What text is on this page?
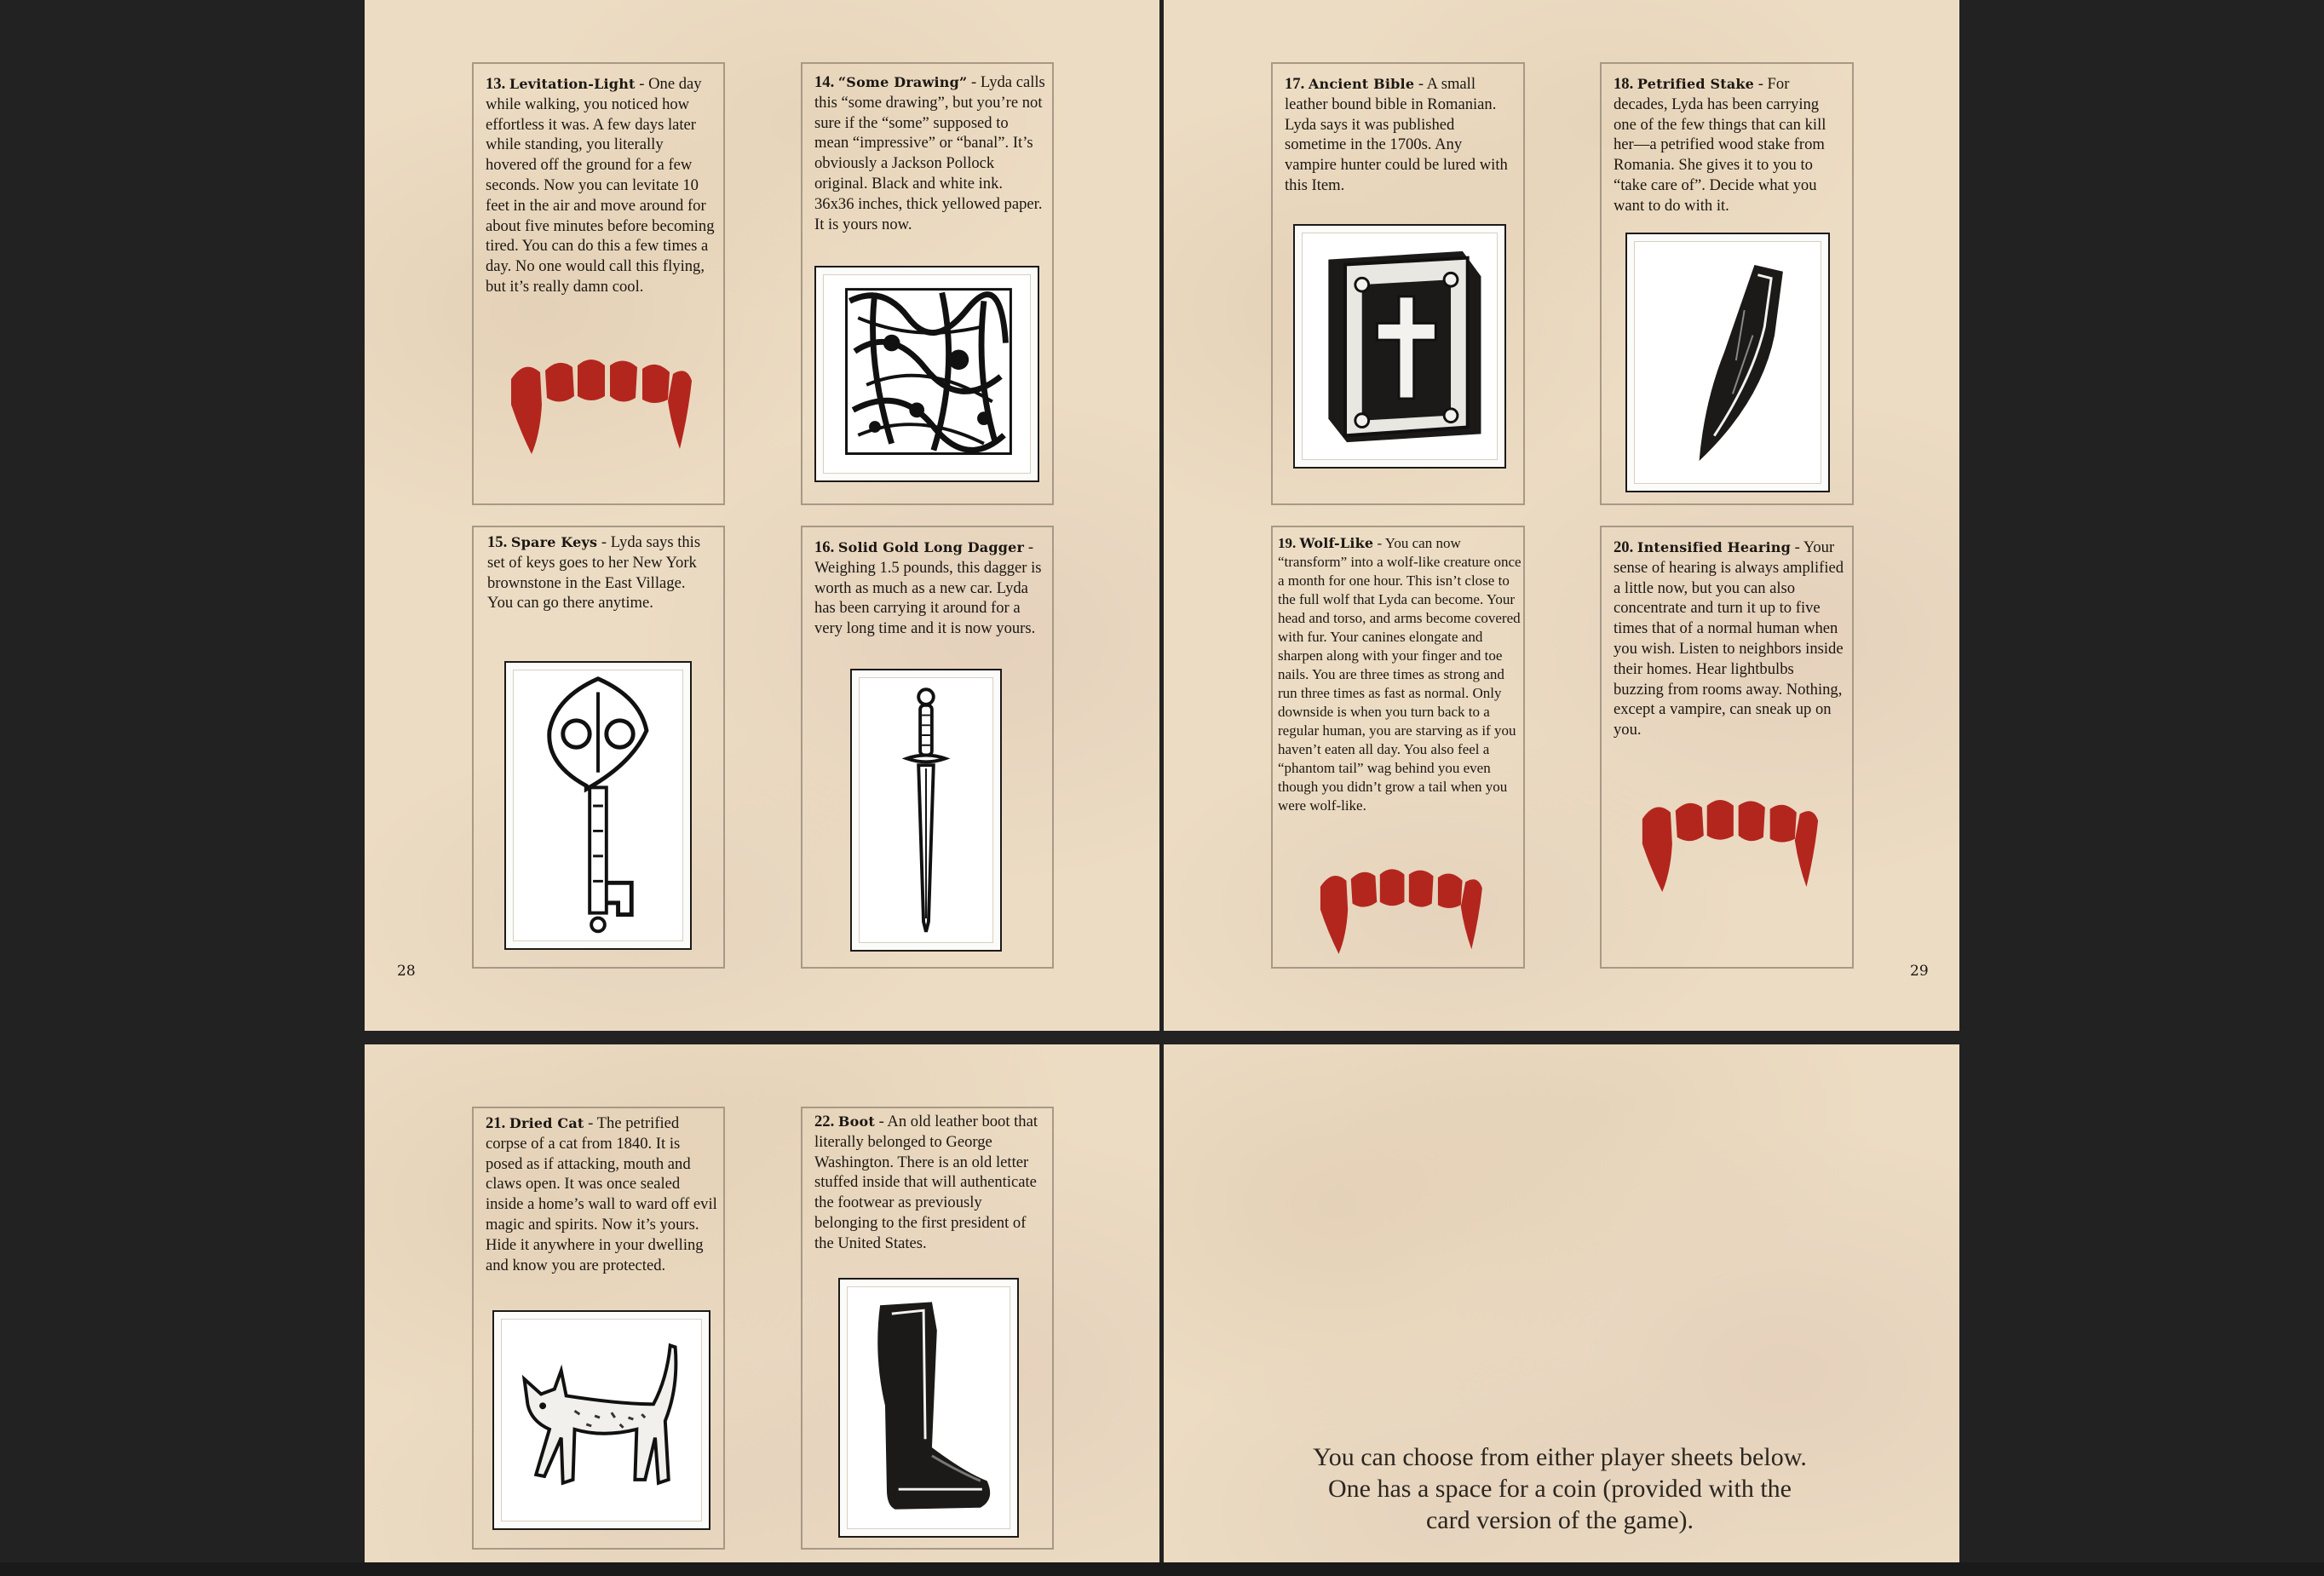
13. Levitation-Light - One day while walking, you noticed how effortless it was. A few days later while standing, you literally hovered off the ground for a few seconds. Now you can levitate 10 feet in the air and move around for about five minutes before becoming tired. You can do this a few times a day. No one would call this flying, but it’s really damn cool.
14. “Some Drawing” - Lyda calls this “some drawing”, but you’re not sure if the “some” supposed to mean “impressive” or “banal”. It’s obviously a Jackson Pollock original. Black and white ink. 36x36 inches, thick yellowed paper. It is yours now.
15. Spare Keys - Lyda says this set of keys goes to her New York brownstone in the East Village. You can go there anytime.
16. Solid Gold Long Dagger - Weighing 1.5 pounds, this dagger is worth as much as a new car. Lyda has been carrying it around for a very long time and it is now yours.
28
17. Ancient Bible - A small leather bound bible in Romanian. Lyda says it was published sometime in the 1700s. Any vampire hunter could be lured with this Item.
18. Petrified Stake - For decades, Lyda has been carrying one of the few things that can kill her—a petrified wood stake from Romania. She gives it to you to “take care of”. Decide what you want to do with it.
19. Wolf-Like - You can now “transform” into a wolf-like creature once a month for one hour. This isn’t close to the full wolf that Lyda can become. Your head and torso, and arms become covered with fur. Your canines elongate and sharpen along with your finger and toe nails. You are three times as strong and run three times as fast as normal. Only downside is when you turn back to a regular human, you are starving as if you haven’t eaten all day. You also feel a “phantom tail” wag behind you even though you didn’t grow a tail when you were wolf-like.
20. Intensified Hearing - Your sense of hearing is always amplified a little now, but you can also concentrate and turn it up to five times that of a normal human when you wish. Listen to neighbors inside their homes. Hear lightbulbs buzzing from rooms away. Nothing, except a vampire, can sneak up on you.
29
21. Dried Cat - The petrified corpse of a cat from 1840. It is posed as if attacking, mouth and claws open. It was once sealed inside a home’s wall to ward off evil magic and spirits. Now it’s yours. Hide it anywhere in your dwelling and know you are protected.
22. Boot - An old leather boot that literally belonged to George Washington. There is an old letter stuffed inside that will authenticate the footwear as previously belonging to the first president of the United States.
You can choose from either player sheets below.
One has a space for a coin (provided with the
card version of the game).
